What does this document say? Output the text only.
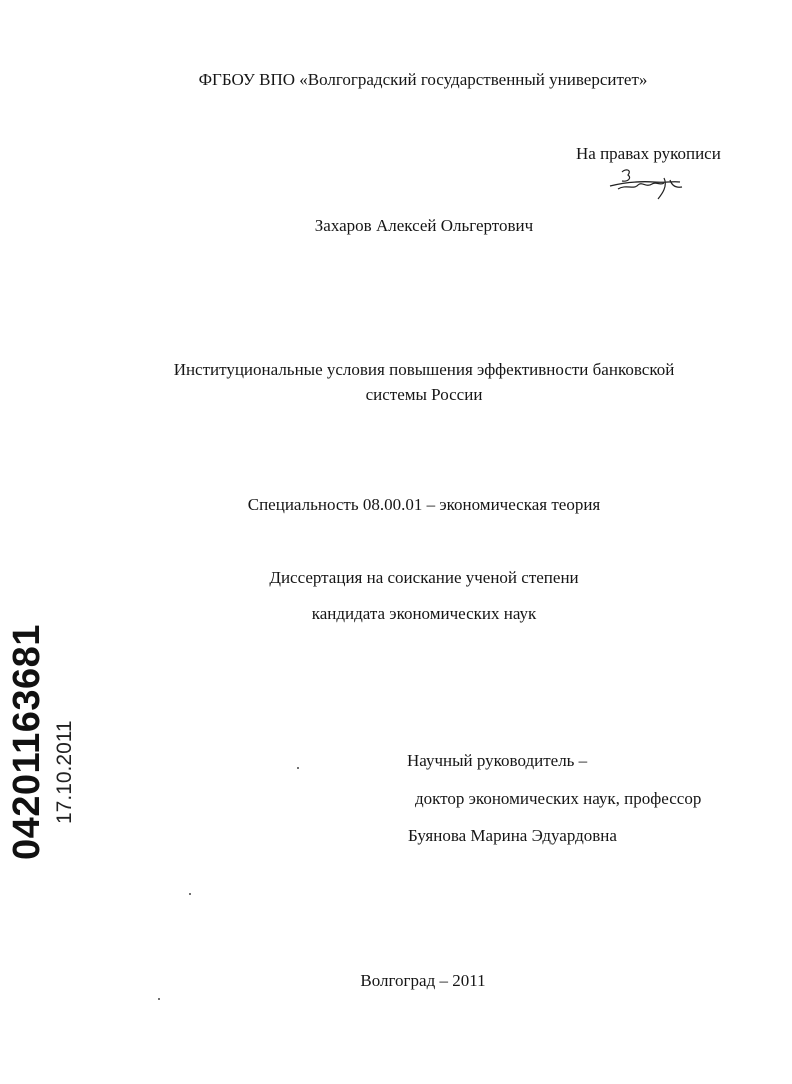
ФГБОУ ВПО «Волгоградский государственный университет»
На правах рукописи
Захаров Алексей Ольгертович
Институциональные условия повышения эффективности банковской
системы России
Специальность 08.00.01 – экономическая теория
Диссертация на соискание ученой степени
кандидата экономических наук
04201163681 17.10.2011	Научный руководитель –
доктор экономических наук, профессор
Буянова Марина Эдуардовна
Волгоград – 2011
